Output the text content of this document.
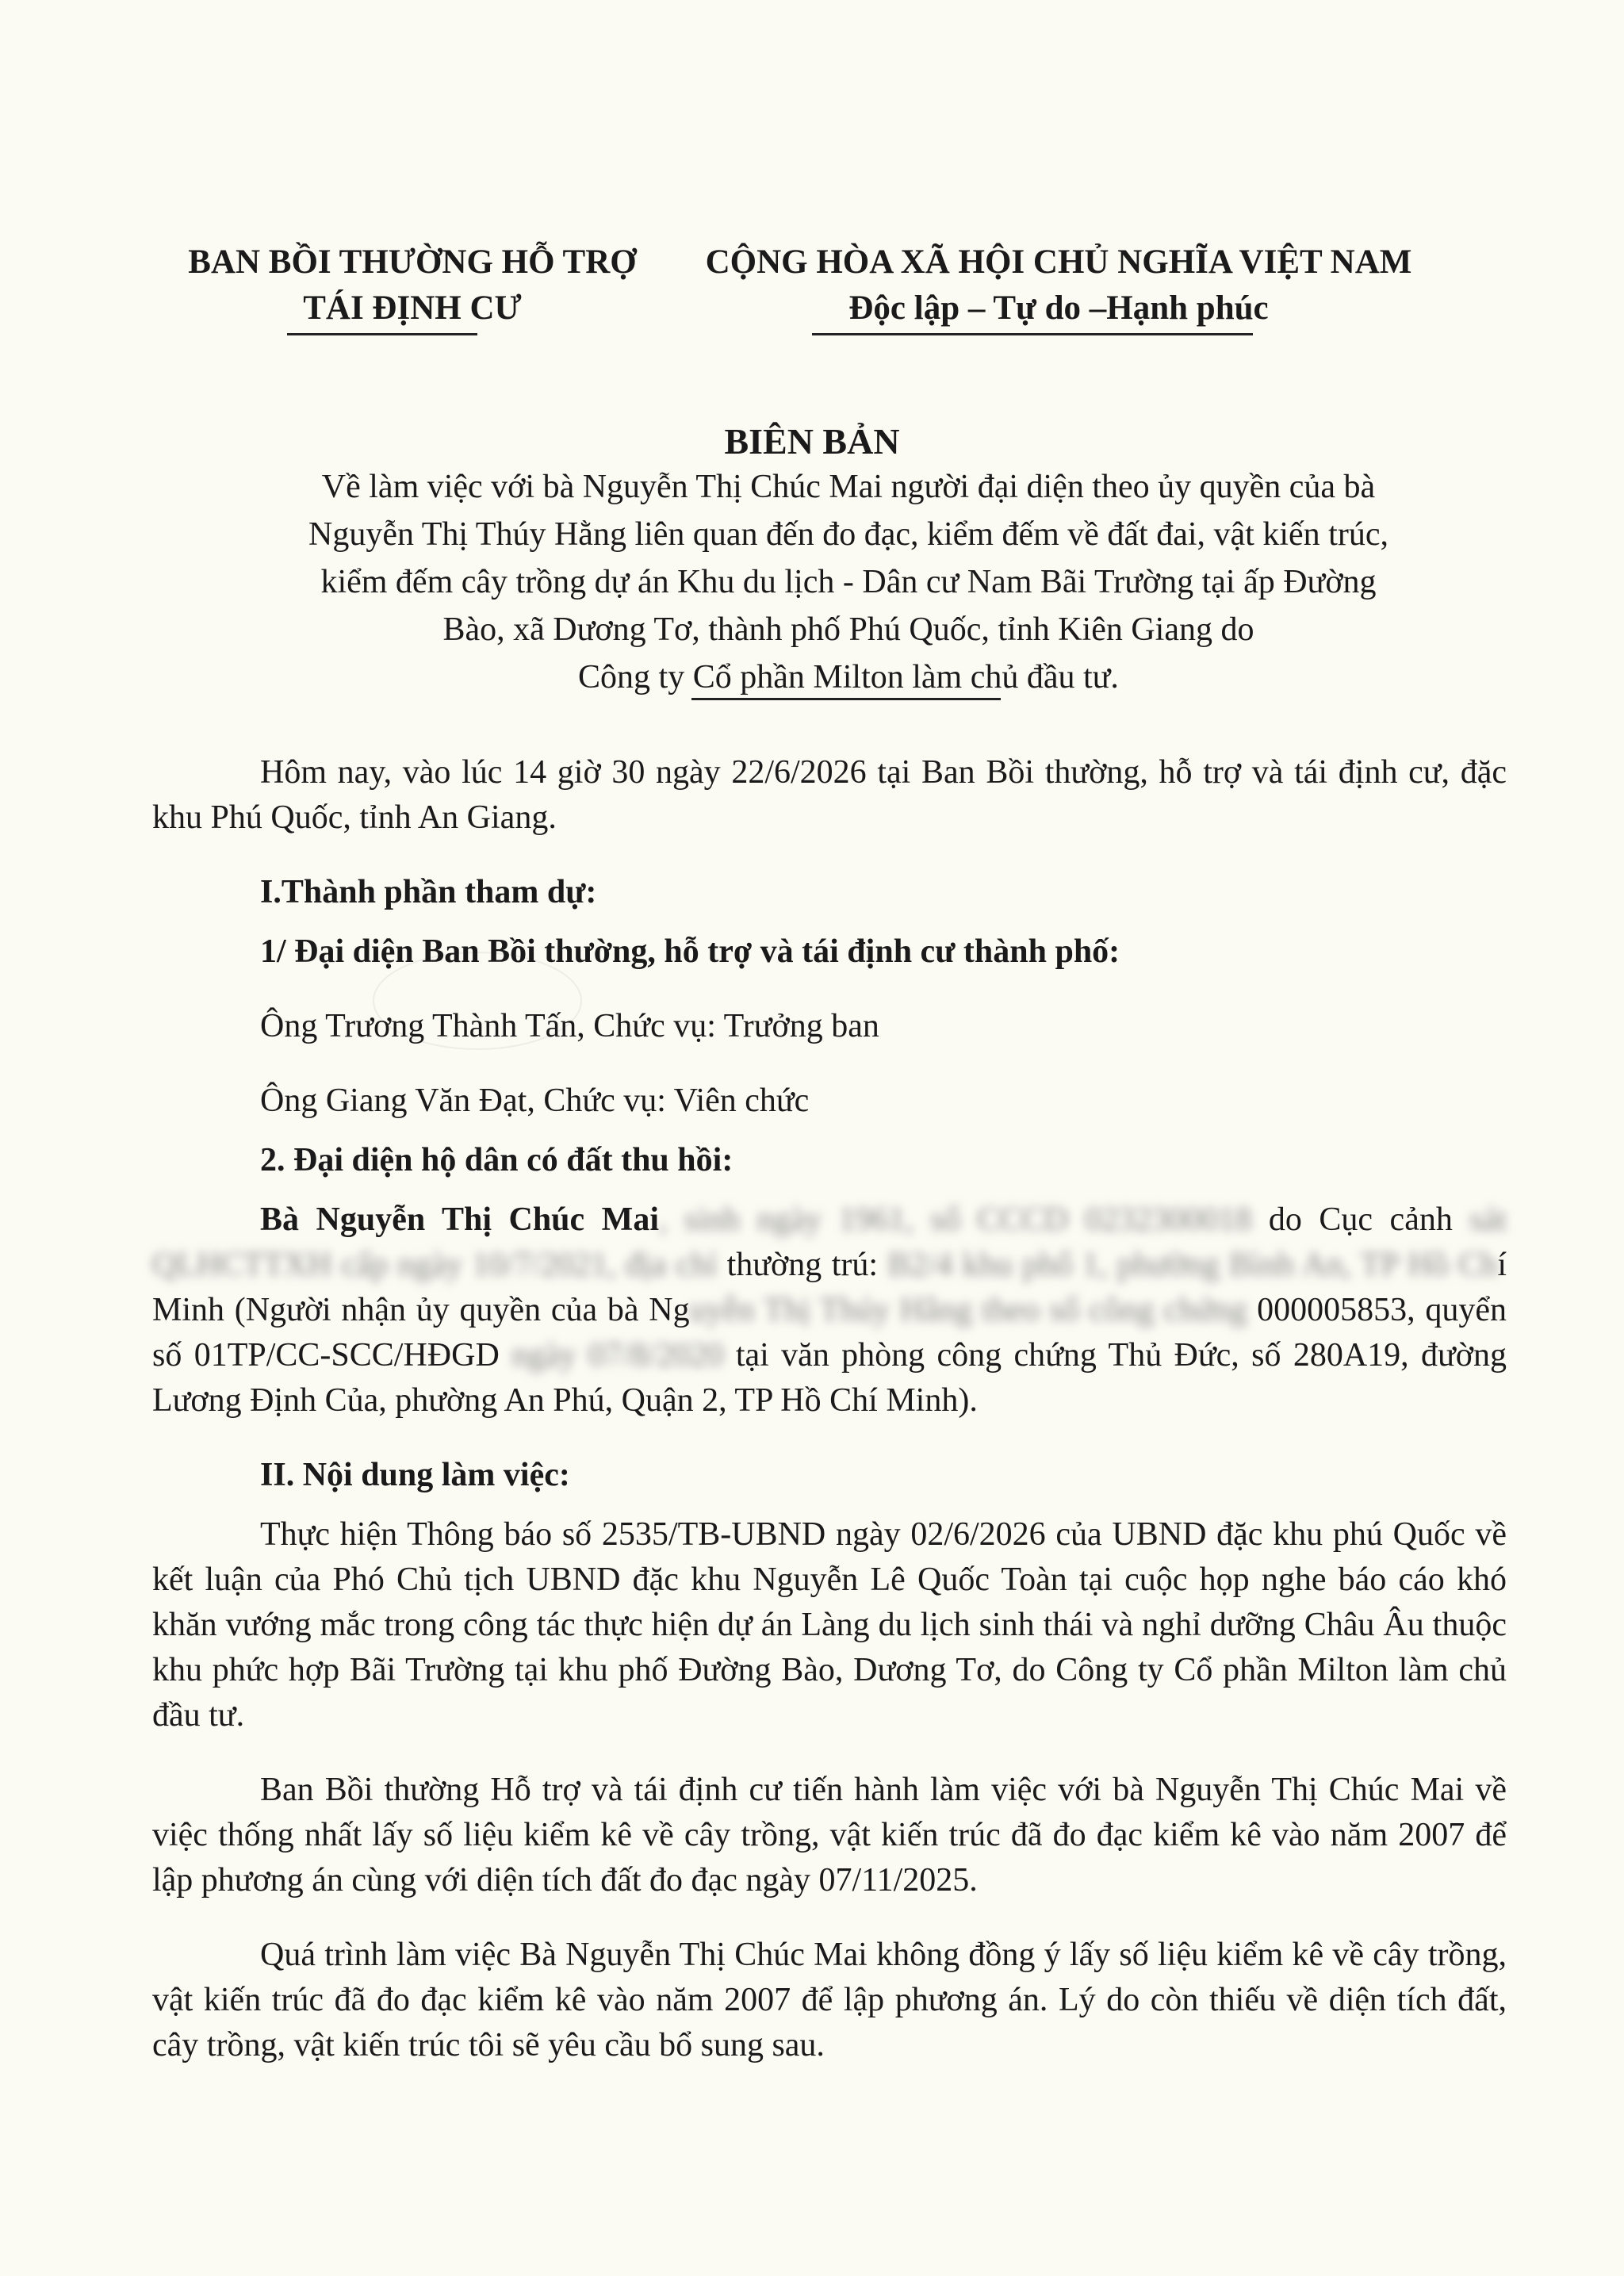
BAN BỒI THƯỜNG HỖ TRỢ
TÁI ĐỊNH CƯ
CỘNG HÒA XÃ HỘI CHỦ NGHĨA VIỆT NAM
Độc lập – Tự do –Hạnh phúc
BIÊN BẢN
Về làm việc với bà Nguyễn Thị Chúc Mai người đại diện theo ủy quyền của bà
Nguyễn Thị Thúy Hằng liên quan đến đo đạc, kiểm đếm về đất đai, vật kiến trúc,
kiểm đếm cây trồng dự án Khu du lịch - Dân cư Nam Bãi Trường tại ấp Đường
Bào, xã Dương Tơ, thành phố Phú Quốc, tỉnh Kiên Giang do
Công ty Cổ phần Milton làm chủ đầu tư.

Hôm nay, vào lúc 14 giờ 30 ngày 22/6/2026 tại Ban Bồi thường, hỗ trợ và tái định cư, đặc khu Phú Quốc, tỉnh An Giang.

I.Thành phần tham dự:
1/ Đại diện Ban Bồi thường, hỗ trợ và tái định cư thành phố:
Ông Trương Thành Tấn, Chức vụ: Trưởng ban
Ông Giang Văn Đạt, Chức vụ: Viên chức
2. Đại diện hộ dân có đất thu hồi:

Bà Nguyễn Thị Chúc Mai, sinh ngày 1961, số CCCD 0232300018 do Cục cảnh sát QLHCTTXH cấp ngày 10/7/2021, địa chỉ thường trú: B2/4 khu phố 1, phường Bình An, TP Hồ Chí Minh (Người nhận ủy quyền của bà Nguyễn Thị Thúy Hằng theo số công chứng 000005853, quyển số 01TP/CC-SCC/HĐGD ngày 07/8/2020 tại văn phòng công chứng Thủ Đức, số 280A19, đường Lương Định Của, phường An Phú, Quận 2, TP Hồ Chí Minh).

II. Nội dung làm việc:

Thực hiện Thông báo số 2535/TB-UBND ngày 02/6/2026 của UBND đặc khu phú Quốc về kết luận của Phó Chủ tịch UBND đặc khu Nguyễn Lê Quốc Toàn tại cuộc họp nghe báo cáo khó khăn vướng mắc trong công tác thực hiện dự án Làng du lịch sinh thái và nghỉ dưỡng Châu Âu thuộc khu phức hợp Bãi Trường tại khu phố Đường Bào, Dương Tơ, do Công ty Cổ phần Milton làm chủ đầu tư.

Ban Bồi thường Hỗ trợ và tái định cư tiến hành làm việc với bà Nguyễn Thị Chúc Mai về việc thống nhất lấy số liệu kiểm kê về cây trồng, vật kiến trúc đã đo đạc kiểm kê vào năm 2007 để lập phương án cùng với diện tích đất đo đạc ngày 07/11/2025.

Quá trình làm việc Bà Nguyễn Thị Chúc Mai không đồng ý lấy số liệu kiểm kê về cây trồng, vật kiến trúc đã đo đạc kiểm kê vào năm 2007 để lập phương án. Lý do còn thiếu về diện tích đất, cây trồng, vật kiến trúc tôi sẽ yêu cầu bổ sung sau.
